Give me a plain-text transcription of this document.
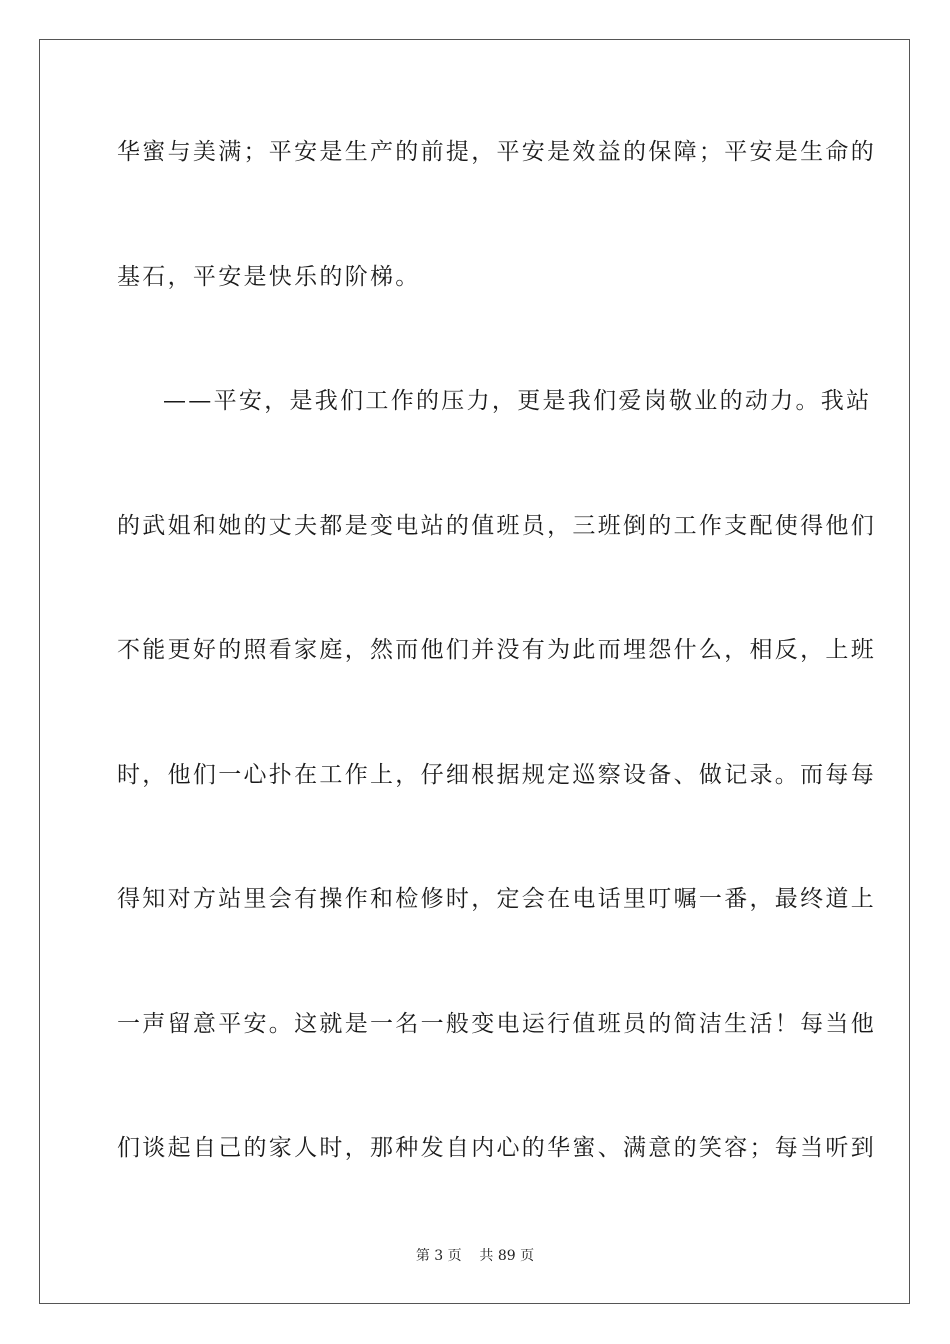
华蜜与美满；平安是生产的前提，平安是效益的保障；平安是生命的
基石，平安是快乐的阶梯。
——平安，是我们工作的压力，更是我们爱岗敬业的动力。我站
的武姐和她的丈夫都是变电站的值班员，三班倒的工作支配使得他们
不能更好的照看家庭，然而他们并没有为此而埋怨什么，相反，上班
时，他们一心扑在工作上，仔细根据规定巡察设备、做记录。而每每
得知对方站里会有操作和检修时，定会在电话里叮嘱一番，最终道上
一声留意平安。这就是一名一般变电运行值班员的简洁生活！每当他
们谈起自己的家人时，那种发自内心的华蜜、满意的笑容；每当听到
第 3 页    共 89 页
